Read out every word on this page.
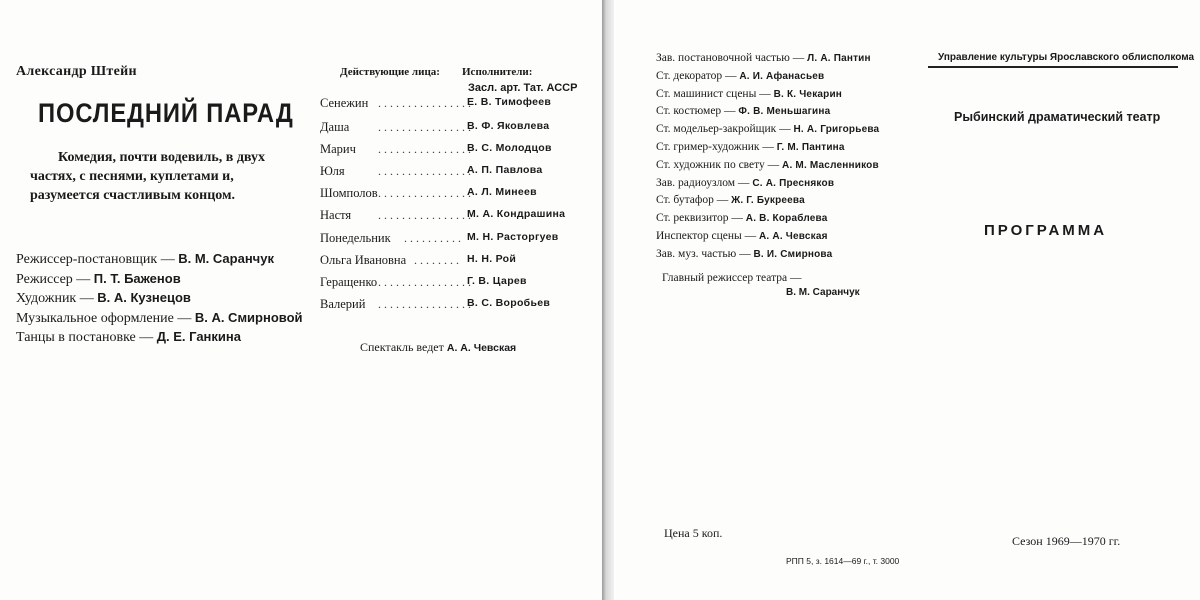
Александр Штейн
ПОСЛЕДНИЙ ПАРАД
Комедия, почти водевиль, в двух частях, с песнями, куплетами и, разумеется счастливым концом.
Режиссер-постановщик — В. М. Саранчук
Режиссер — П. Т. Баженов
Художник — В. А. Кузнецов
Музыкальное оформление — В. А. Смирновой
Танцы в постановке — Д. Е. Ганкина
Действующие лица: Исполнители:
Засл. арт. Тат. АССР
Сенежин ................
Е. В. Тимофеев
Даша ................
В. Ф. Яковлева
Марич ................
В. С. Молодцов
Юля	................
А. П. Павлова
Шомполов ................
А. Л. Минеев
Настя ................
М. А. Кондрашина
Понедельник .......... М. Н. Расторгуев
Ольга Ивановна ........ Н. Н. Рой
Геращенко ................
Г. В. Царев
Валерий ................
В. С. Воробьев
Спектакль ведет А. А. Чевская
Зав. постановочной частью — Л. А. Пантин
Ст. декоратор — А. И. Афанасьев
Ст. машинист сцены — В. К. Чекарин
Ст. костюмер — Ф. В. Меньшагина
Ст. модельер-закройщик — Н. А. Григорьева
Ст. гример-художник — Г. М. Пантина
Ст. художник по свету — А. М. Масленников
Зав. радиоузлом — С. А. Пресняков
Ст. бутафор — Ж. Г. Букреева
Ст. реквизитор — А. В. Кораблева
Инспектор сцены — А. А. Чевская
Зав. муз. частью — В. И. Смирнова
Главный режиссер театра —
В. М. Саранчук
Управление культуры Ярославского облисполкома
Рыбинский драматический театр
ПРОГРАММА
Цена 5 коп.
Сезон 1969—1970 гг.
РПП 5, з. 1614—69 г., т. 3000
